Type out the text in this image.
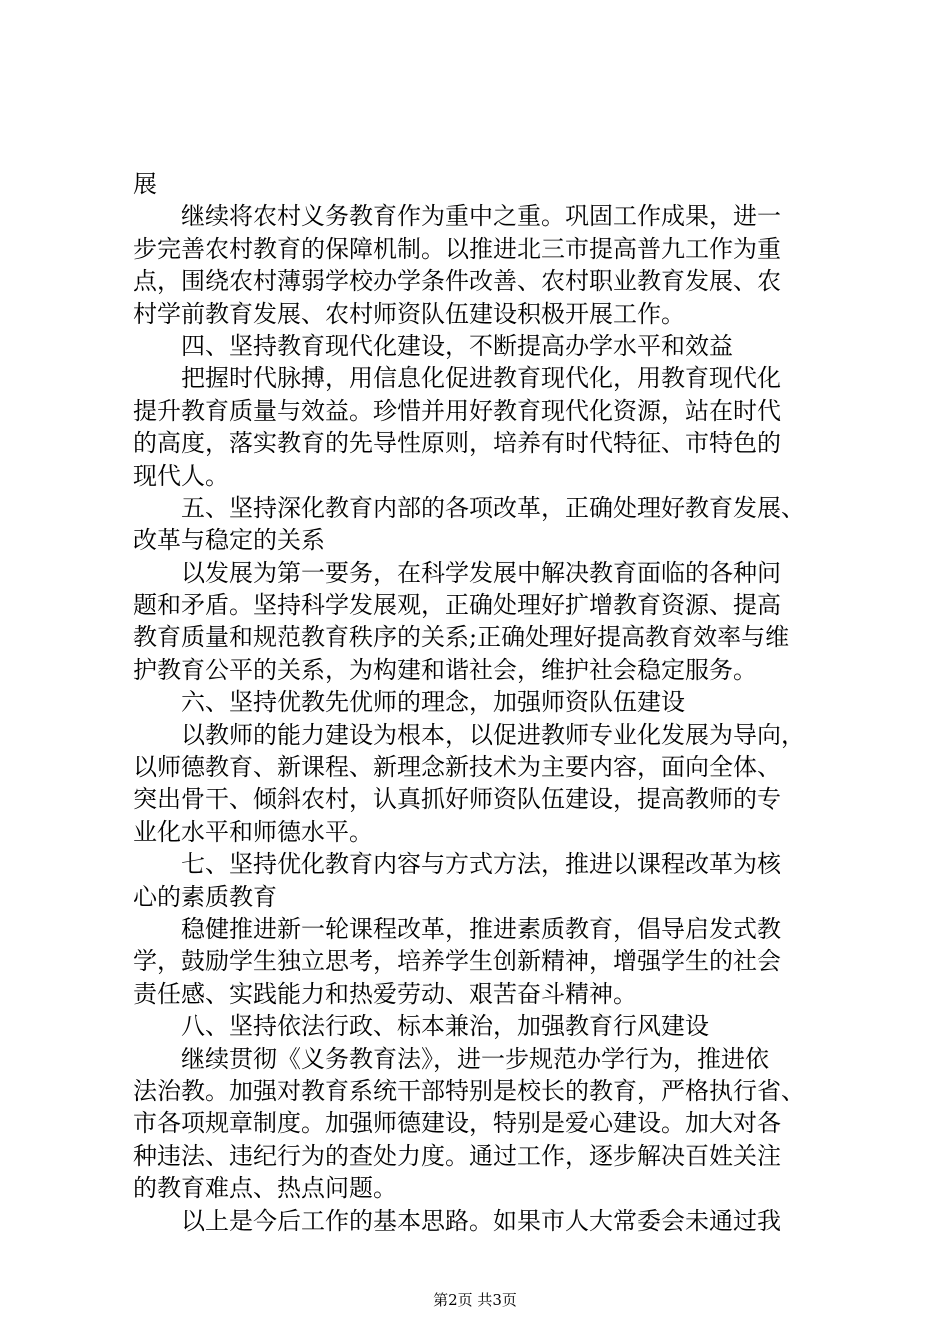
展
继续将农村义务教育作为重中之重。巩固工作成果，进一
步完善农村教育的保障机制。以推进北三市提高普九工作为重
点，围绕农村薄弱学校办学条件改善、农村职业教育发展、农
村学前教育发展、农村师资队伍建设积极开展工作。
四、坚持教育现代化建设，不断提高办学水平和效益
把握时代脉搏，用信息化促进教育现代化，用教育现代化
提升教育质量与效益。珍惜并用好教育现代化资源，站在时代
的高度，落实教育的先导性原则，培养有时代特征、市特色的
现代人。
五、坚持深化教育内部的各项改革，正确处理好教育发展、
改革与稳定的关系
以发展为第一要务，在科学发展中解决教育面临的各种问
题和矛盾。坚持科学发展观，正确处理好扩增教育资源、提高
教育质量和规范教育秩序的关系;正确处理好提高教育效率与维
护教育公平的关系，为构建和谐社会，维护社会稳定服务。
六、坚持优教先优师的理念，加强师资队伍建设
以教师的能力建设为根本，以促进教师专业化发展为导向，
以师德教育、新课程、新理念新技术为主要内容，面向全体、
突出骨干、倾斜农村，认真抓好师资队伍建设，提高教师的专
业化水平和师德水平。
七、坚持优化教育内容与方式方法，推进以课程改革为核
心的素质教育
稳健推进新一轮课程改革，推进素质教育，倡导启发式教
学，鼓励学生独立思考，培养学生创新精神，增强学生的社会
责任感、实践能力和热爱劳动、艰苦奋斗精神。
八、坚持依法行政、标本兼治，加强教育行风建设
继续贯彻《义务教育法》，进一步规范办学行为，推进依
法治教。加强对教育系统干部特别是校长的教育，严格执行省、
市各项规章制度。加强师德建设，特别是爱心建设。加大对各
种违法、违纪行为的查处力度。通过工作，逐步解决百姓关注
的教育难点、热点问题。
以上是今后工作的基本思路。如果市人大常委会未通过我
第2页 共3页
